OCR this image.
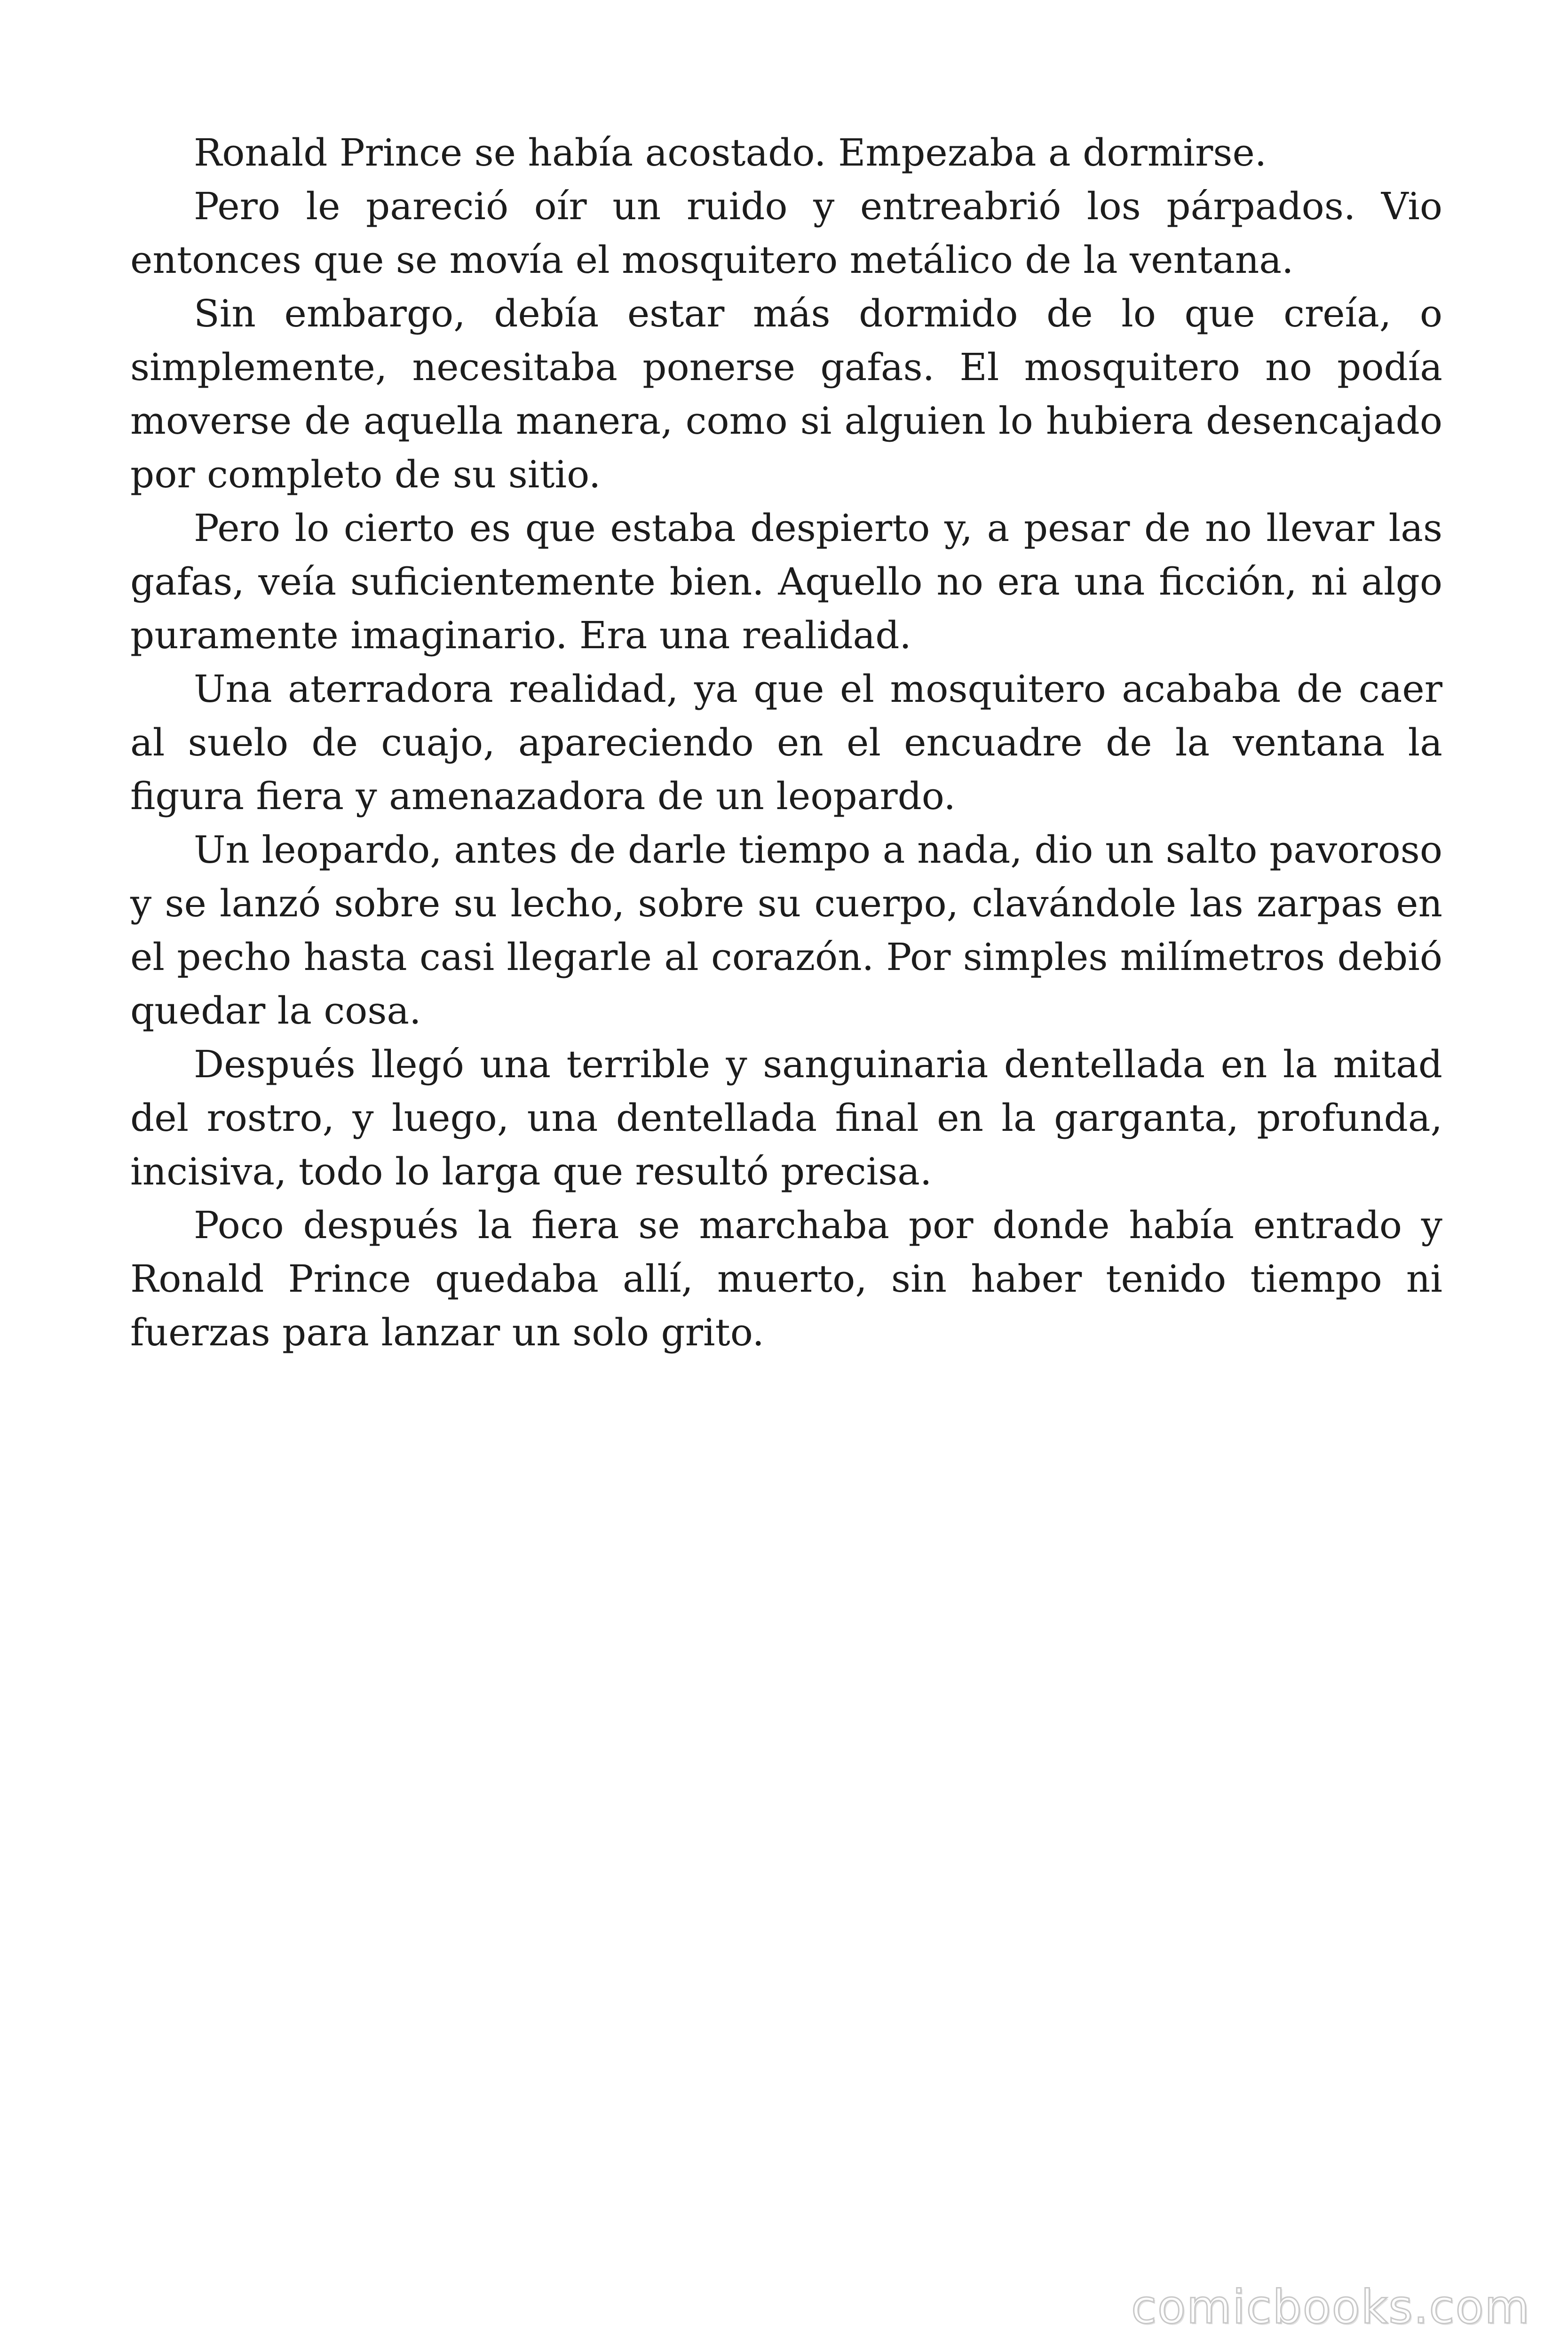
Ronald Prince se había acostado. Empezaba a dormirse.

Pero le pareció oír un ruido y entreabrió los párpados. Vio entonces que se movía el mosquitero metálico de la ventana.

Sin embargo, debía estar más dormido de lo que creía, o simplemente, necesitaba ponerse gafas. El mosquitero no podía moverse de aquella manera, como si alguien lo hubiera desencajado por completo de su sitio.

Pero lo cierto es que estaba despierto y, a pesar de no llevar las gafas, veía suficientemente bien. Aquello no era una ficción, ni algo puramente imaginario. Era una realidad.

Una aterradora realidad, ya que el mosquitero acababa de caer al suelo de cuajo, apareciendo en el encuadre de la ventana la figura fiera y amenazadora de un leopardo.

Un leopardo, antes de darle tiempo a nada, dio un salto pavoroso y se lanzó sobre su lecho, sobre su cuerpo, clavándole las zarpas en el pecho hasta casi llegarle al corazón. Por simples milímetros debió quedar la cosa.

Después llegó una terrible y sanguinaria dentellada en la mitad del rostro, y luego, una dentellada final en la garganta, profunda, incisiva, todo lo larga que resultó precisa.

Poco después la fiera se marchaba por donde había entrado y Ronald Prince quedaba allí, muerto, sin haber tenido tiempo ni fuerzas para lanzar un solo grito.

comicbooks.com
